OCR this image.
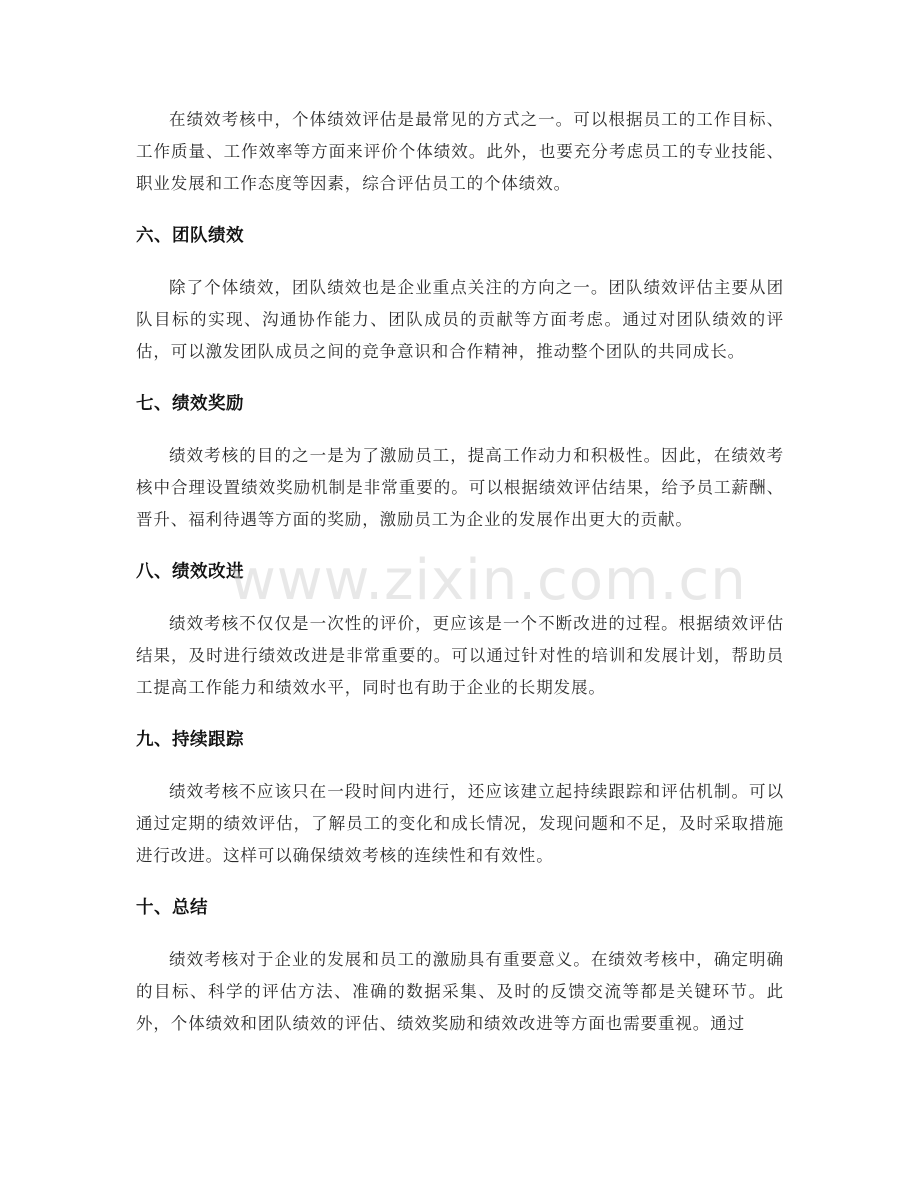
在绩效考核中，个体绩效评估是最常见的方式之一。可以根据员工的工作目标、工作质量、工作效率等方面来评价个体绩效。此外，也要充分考虑员工的专业技能、职业发展和工作态度等因素，综合评估员工的个体绩效。

六、团队绩效

除了个体绩效，团队绩效也是企业重点关注的方向之一。团队绩效评估主要从团队目标的实现、沟通协作能力、团队成员的贡献等方面考虑。通过对团队绩效的评估，可以激发团队成员之间的竞争意识和合作精神，推动整个团队的共同成长。

七、绩效奖励

绩效考核的目的之一是为了激励员工，提高工作动力和积极性。因此，在绩效考核中合理设置绩效奖励机制是非常重要的。可以根据绩效评估结果，给予员工薪酬、晋升、福利待遇等方面的奖励，激励员工为企业的发展作出更大的贡献。

八、绩效改进

绩效考核不仅仅是一次性的评价，更应该是一个不断改进的过程。根据绩效评估结果，及时进行绩效改进是非常重要的。可以通过针对性的培训和发展计划，帮助员工提高工作能力和绩效水平，同时也有助于企业的长期发展。

九、持续跟踪

绩效考核不应该只在一段时间内进行，还应该建立起持续跟踪和评估机制。可以通过定期的绩效评估，了解员工的变化和成长情况，发现问题和不足，及时采取措施进行改进。这样可以确保绩效考核的连续性和有效性。

十、总结

绩效考核对于企业的发展和员工的激励具有重要意义。在绩效考核中，确定明确的目标、科学的评估方法、准确的数据采集、及时的反馈交流等都是关键环节。此外，个体绩效和团队绩效的评估、绩效奖励和绩效改进等方面也需要重视。通过

www.zixin.com.cn
